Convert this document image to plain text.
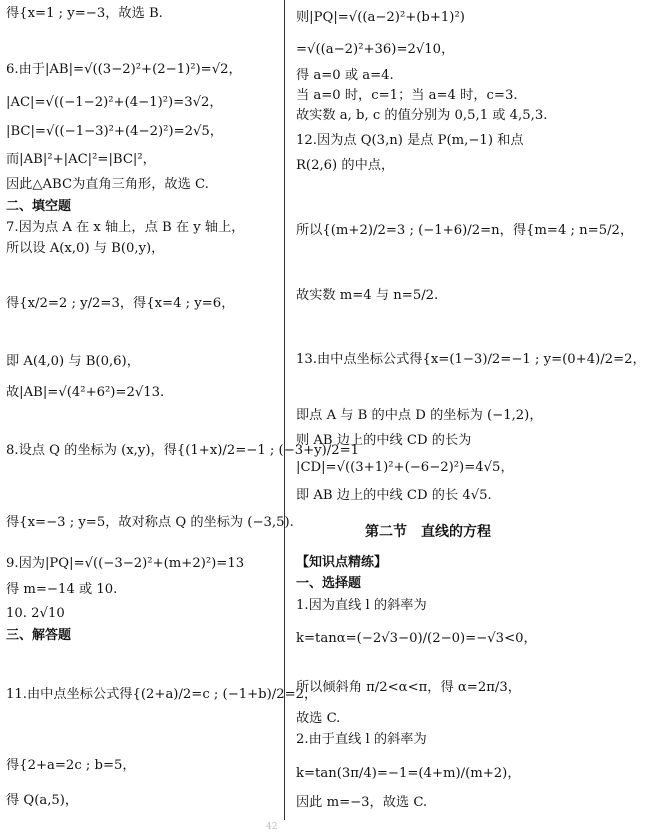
得{x=1 ; y=−3，故选 B.
6.由于|AB|=√((3−2)²+(2−1)²)=√2，
|AC|=√((−1−2)²+(4−1)²)=3√2，
|BC|=√((−1−3)²+(4−2)²)=2√5，
而|AB|²+|AC|²=|BC|²，
因此△ABC为直角三角形，故选 C.
二、填空题
7.因为点 A 在 x 轴上，点 B 在 y 轴上，
所以设 A(x,0) 与 B(0,y)，
得{x/2=2 ; y/2=3，得{x=4 ; y=6，
即 A(4,0) 与 B(0,6)，
故|AB|=√(4²+6²)=2√13.
8.设点 Q 的坐标为 (x,y)，得{(1+x)/2=−1 ; (−3+y)/2=1
得{x=−3 ; y=5，故对称点 Q 的坐标为 (−3,5).
9.因为|PQ|=√((−3−2)²+(m+2)²)=13
得 m=−14 或 10.
10. 2√10
三、解答题
11.由中点坐标公式得{(2+a)/2=c ; (−1+b)/2=2，
得{2+a=2c ; b=5，
得 Q(a,5)，
则|PQ|=√((a−2)²+(b+1)²)
=√((a−2)²+36)=2√10，
得 a=0 或 a=4.
当 a=0 时，c=1；当 a=4 时，c=3.
故实数 a, b, c 的值分别为 0,5,1 或 4,5,3.
12.因为点 Q(3,n) 是点 P(m,−1) 和点
R(2,6) 的中点，
所以{(m+2)/2=3 ; (−1+6)/2=n，得{m=4 ; n=5/2，
故实数 m=4 与 n=5/2.
13.由中点坐标公式得{x=(1−3)/2=−1 ; y=(0+4)/2=2，
即点 A 与 B 的中点 D 的坐标为 (−1,2)，
则 AB 边上的中线 CD 的长为
|CD|=√((3+1)²+(−6−2)²)=4√5，
即 AB 边上的中线 CD 的长 4√5.
第二节　直线的方程
【知识点精练】
一、选择题
1.因为直线 l 的斜率为
k=tanα=(−2√3−0)/(2−0)=−√3<0，
所以倾斜角 π/2<α<π，得 α=2π/3，
故选 C.
2.由于直线 l 的斜率为
k=tan(3π/4)=−1=(4+m)/(m+2)，
因此 m=−3，故选 C.
42
